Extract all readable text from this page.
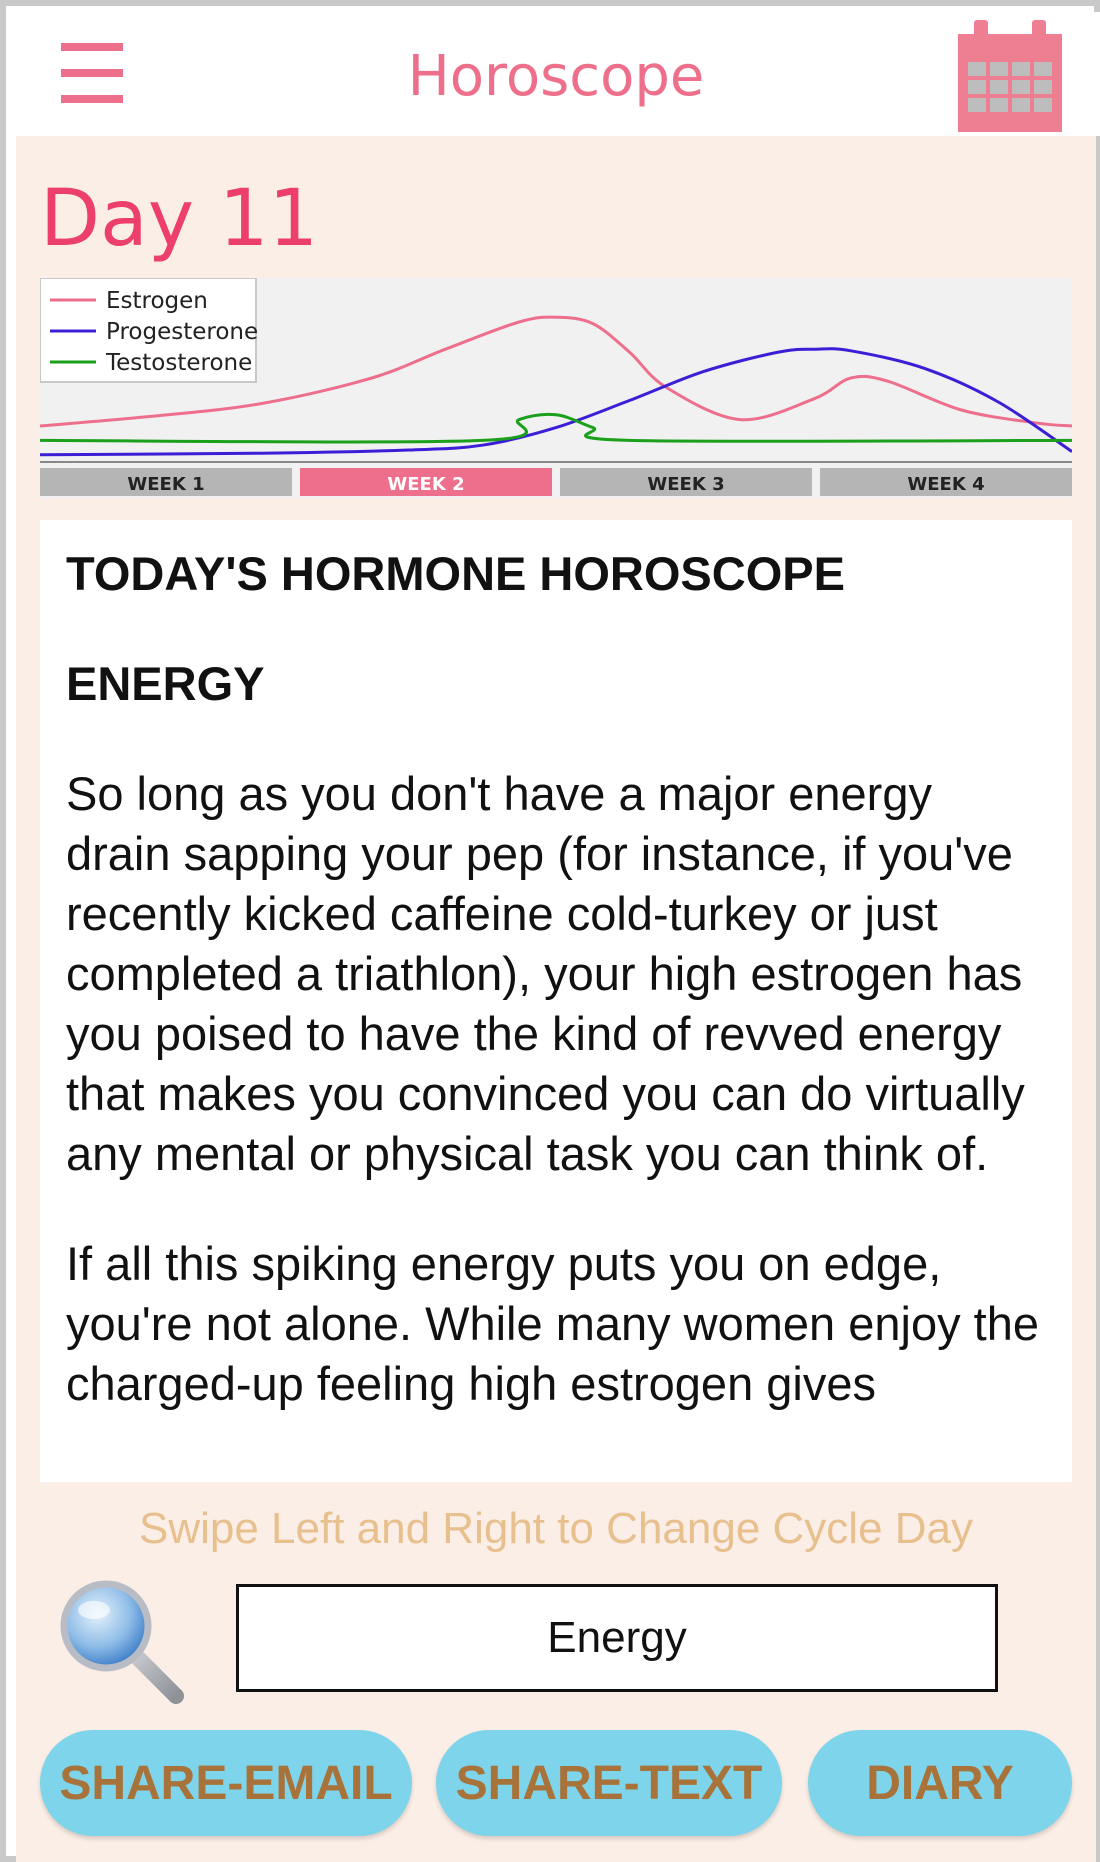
Horoscope
Day 11
Estrogen
Progesterone
Testosterone
WEEK 1	WEEK 2	WEEK 3	WEEK 4
TODAY'S HORMONE HOROSCOPE
ENERGY
So long as you don't have a major energy drain sapping your pep (for instance, if you've recently kicked caffeine cold-turkey or just completed a triathlon), your high estrogen has you poised to have the kind of revved energy that makes you convinced you can do virtually any mental or physical task you can think of.
If all this spiking energy puts you on edge, you're not alone. While many women enjoy the charged-up feeling high estrogen gives
Swipe Left and Right to Change Cycle Day
Energy
SHARE-EMAIL	SHARE-TEXT	DIARY
